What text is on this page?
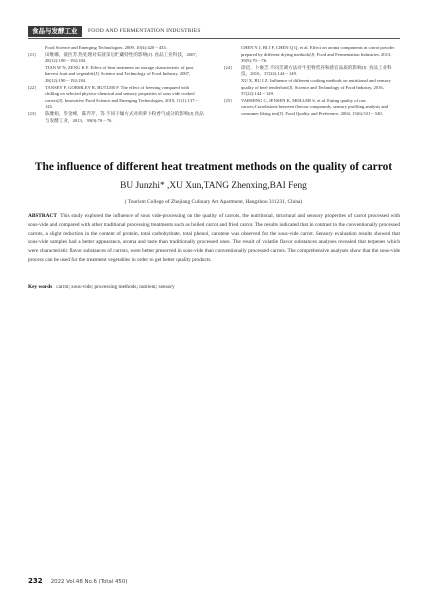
食品与发酵工业	FOOD AND FERMENTATION INDUSTRIES
Food Science and Emerging Technologies, 2009, 10(4):420－433.
[21] 田维娜，欲医芳.热处理对采菠采后贮藏特性的影响[J]. 食品工业科技，2007，28(12):190－192;184.
TIAN W N, ZENG K F. Effect of heat treatment on storage characteristic of post harvest fruit and vegetable[J]. Science and Technology of Food Industry, 2007, 28(12):190－192;184.
[22] TANSEY F, GORMLEY R, BUTLER F. The effect of freezing compared with chilling on selected physico-chemical and sensory properties of sous vide cooked carrots[J]. Innovative Food Science and Emerging Technologies, 2010, 11(1):137－145.
[23] 陈雅娟，毕金峰，陈芹芹，等.不同干燥方式对胡萝卜粉香气成分的影响[J].食品与发酵工业，2013，39(9):70－76.
CHEN Y J, BI J F, CHEN Q Q, et al. Effect on aroma components in carrot powder prepared by different drying methods[J]. Food and Fermentation Industries, 2013, 39(9):70－76.
[24] 徐迅，卜俊芝.不同烹调方法对牛里脊营养和感官品质的影响[J]. 食品工业科技，2016，37(22):144－149.
XU X, BU J Z. Influence of different cooking methods on nutritional and sensory quality of beef tenderloin[J]. Science and Technology of Food Industry, 2016, 37(22):144－149.
[25] VARMING C, JENSEN K, MØLLER S, et al. Eating quality of raw carrots;Correlations between flavour compounds, sensory profiling analysis and consumer liking test[J]. Food Quality and Preference, 2004, 15(6):531－540.
The influence of different heat treatment methods on the quality of carrot
BU Junzhi* ,XU Xun,TANG Zhenxing,BAI Feng
( Tourism College of Zhejiang Culinary Art Apartment, Hangzhou 311231, China)
ABSTRACT This study explored the influence of sous vide-processing on the quality of carrots, the nutritional, structural and sensory properties of carrot processed with sous-vide and compared with other traditional processing treatments such as boiled carrot and fried carrot. The results indicated that in contrast to the conventionally processed carrots, a slight reduction in the content of protein, total carbohydrate, total phenol, carotene was observed for the sous-vide carrot. Sensory evaluation results showed that sous-vide samples had a better appearance, aroma and taste than traditionally processed ones. The result of volatile flavor substances analyses revealed that terpenes which were characteristic flavor substances of carrots, were better preserved in sous-vide than conventionally processed carrots. The comprehensive analyses show that the sous-vide process can be used for the treatment vegetables in order to get better quality products.
Key words carrot; sous-vide; processing methods; nutrient; sensory
232 2022 Vol.48 No.6 (Total 450)
